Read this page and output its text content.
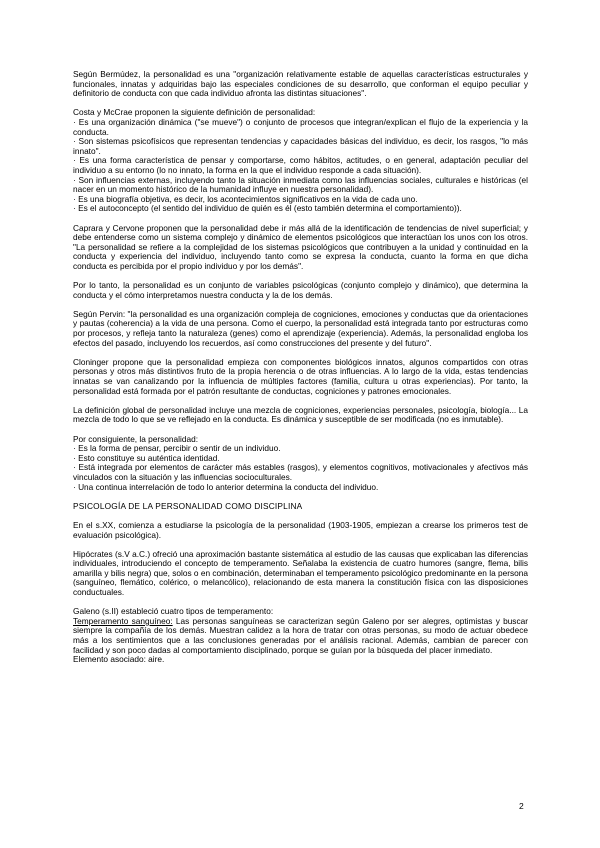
Según Bermúdez, la personalidad es una "organización relativamente estable de aquellas características estructurales y funcionales, innatas y adquiridas bajo las especiales condiciones de su desarrollo, que conforman el equipo peculiar y definitorio de conducta con que cada individuo afronta las distintas situaciones".

Costa y McCrae proponen la siguiente definición de personalidad:
· Es una organización dinámica ("se mueve") o conjunto de procesos que integran/explican el flujo de la experiencia y la conducta.
· Son sistemas psicofísicos que representan tendencias y capacidades básicas del individuo, es decir, los rasgos, "lo más innato".
· Es una forma característica de pensar y comportarse, como hábitos, actitudes, o en general, adaptación peculiar del individuo a su entorno (lo no innato, la forma en la que el individuo responde a cada situación).
· Son influencias externas, incluyendo tanto la situación inmediata como las influencias sociales, culturales e históricas (el nacer en un momento histórico de la humanidad influye en nuestra personalidad).
· Es una biografía objetiva, es decir, los acontecimientos significativos en la vida de cada uno.
· Es el autoconcepto (el sentido del individuo de quién es él (esto también determina el comportamiento)).

Caprara y Cervone proponen que la personalidad debe ir más allá de la identificación de tendencias de nivel superficial; y debe entenderse como un sistema complejo y dinámico de elementos psicológicos que interactúan los unos con los otros. "La personalidad se refiere a la complejidad de los sistemas psicológicos que contribuyen a la unidad y continuidad en la conducta y experiencia del individuo, incluyendo tanto como se expresa la conducta, cuanto la forma en que dicha conducta es percibida por el propio individuo y por los demás".

Por lo tanto, la personalidad es un conjunto de variables psicológicas (conjunto complejo y dinámico), que determina la conducta y el cómo interpretamos nuestra conducta y la de los demás.

Según Pervin: "la personalidad es una organización compleja de cogniciones, emociones y conductas que da orientaciones y pautas (coherencia) a la vida de una persona. Como el cuerpo, la personalidad está integrada tanto por estructuras como por procesos, y refleja tanto la naturaleza (genes) como el aprendizaje (experiencia). Además, la personalidad engloba los efectos del pasado, incluyendo los recuerdos, así como construcciones del presente y del futuro".

Cloninger propone que la personalidad empieza con componentes biológicos innatos, algunos compartidos con otras personas y otros más distintivos fruto de la propia herencia o de otras influencias. A lo largo de la vida, estas tendencias innatas se van canalizando por la influencia de múltiples factores (familia, cultura u otras experiencias). Por tanto, la personalidad está formada por el patrón resultante de conductas, cogniciones y patrones emocionales.

La definición global de personalidad incluye una mezcla de cogniciones, experiencias personales, psicología, biología... La mezcla de todo lo que se ve reflejado en la conducta. Es dinámica y susceptible de ser modificada (no es inmutable).

Por consiguiente, la personalidad:
· Es la forma de pensar, percibir o sentir de un individuo.
· Esto constituye su auténtica identidad.
· Está integrada por elementos de carácter más estables (rasgos), y elementos cognitivos, motivacionales y afectivos más vinculados con la situación y las influencias socioculturales.
· Una continua interrelación de todo lo anterior determina la conducta del individuo.
PSICOLOGÍA DE LA PERSONALIDAD COMO DISCIPLINA

En el s.XX, comienza a estudiarse la psicología de la personalidad (1903-1905, empiezan a crearse los primeros test de evaluación psicológica).

Hipócrates (s.V a.C.) ofreció una aproximación bastante sistemática al estudio de las causas que explicaban las diferencias individuales, introduciendo el concepto de temperamento. Señalaba la existencia de cuatro humores (sangre, flema, bilis amarilla y bilis negra) que, solos o en combinación, determinaban el temperamento psicológico predominante en la persona (sanguíneo, flemático, colérico, o melancólico), relacionando de esta manera la constitución física con las disposiciones conductuales.

Galeno (s.II) estableció cuatro tipos de temperamento:
Temperamento sanguíneo: Las personas sanguíneas se caracterizan según Galeno por ser alegres, optimistas y buscar siempre la compañía de los demás. Muestran calidez a la hora de tratar con otras personas, su modo de actuar obedece más a los sentimientos que a las conclusiones generadas por el análisis racional. Además, cambian de parecer con facilidad y son poco dadas al comportamiento disciplinado, porque se guían por la búsqueda del placer inmediato.
Elemento asociado: aire.
2
